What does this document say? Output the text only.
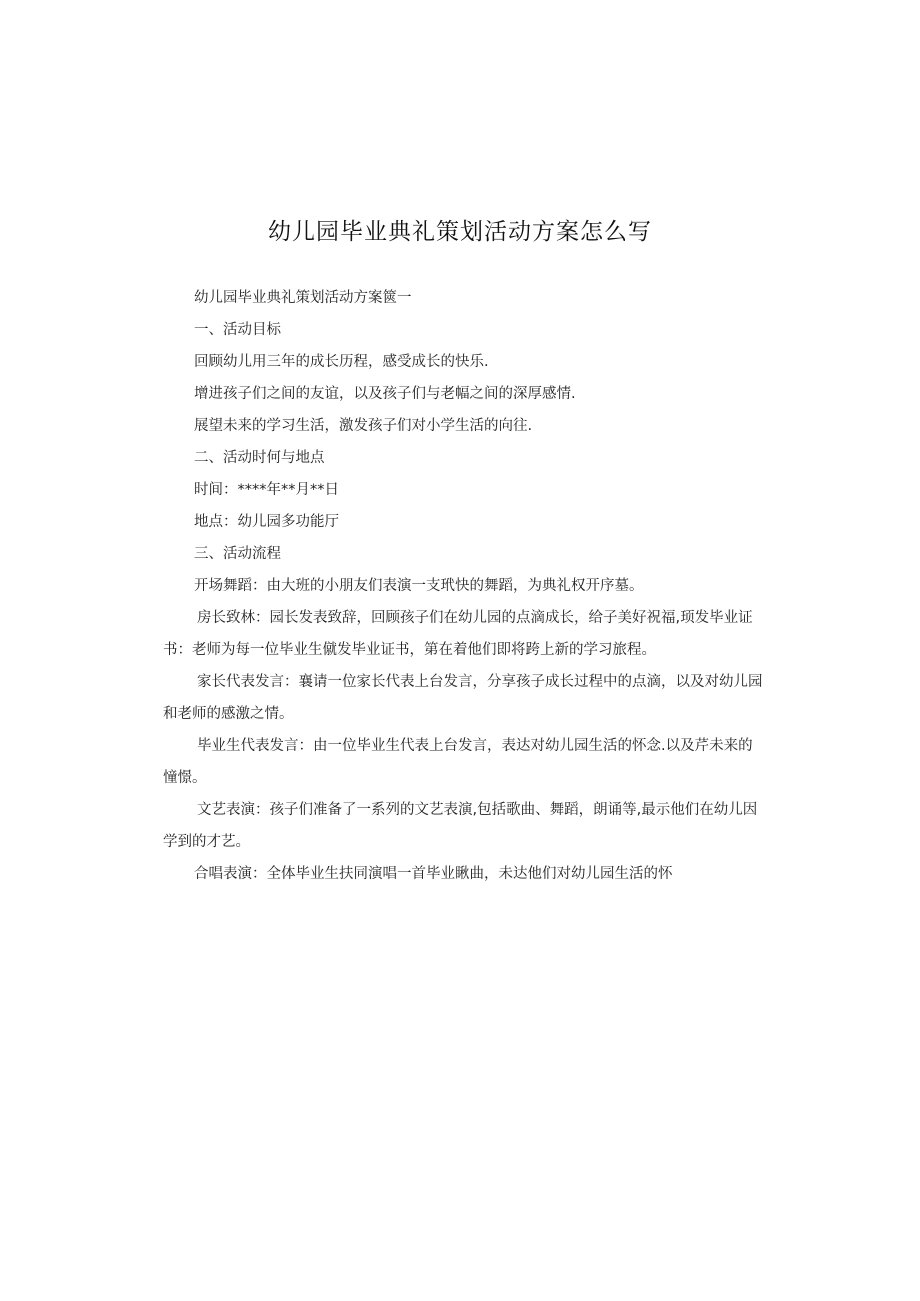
幼儿园毕业典礼策划活动方案怎么写
幼儿园毕业典礼策划活动方案篋一
一、活动目标
回顾幼儿用三年的成长历程，感受成长的快乐.
增进孩子们之间的友谊，以及孩子们与老幅之间的深厚感情.
展望未来的学习生活，激发孩子们对小学生活的向往.
二、活动时何与地点
时间：****年**月**日
地点：幼儿园多功能厅
三、活动流程
开场舞蹈：由大班的小朋友们表演一支玳快的舞蹈，为典礼权开序墓。

房长致林：园长发表致辞，回顾孩子们在幼儿园的点滴成长，给子美好祝福,顼发毕业证书：老师为每一位毕业生僦发毕业证书，第在着他们即将跨上新的学习旅程。

家长代表发言：襄请一位家长代表上台发言，分享孩子成长过程中的点滴，以及对幼儿园和老师的感激之情。

毕业生代表发言：由一位毕业生代表上台发言，表达对幼儿园生活的怀念.以及芹未来的憧憬。

文艺表演：孩子们准备了一系列的文艺表演,包括歌曲、舞蹈，朗诵等,最示他们在幼儿因学到的才艺。

合唱表演：全体毕业生扶同演唱一首毕业瞅曲，未达他们对幼儿园生活的怀
